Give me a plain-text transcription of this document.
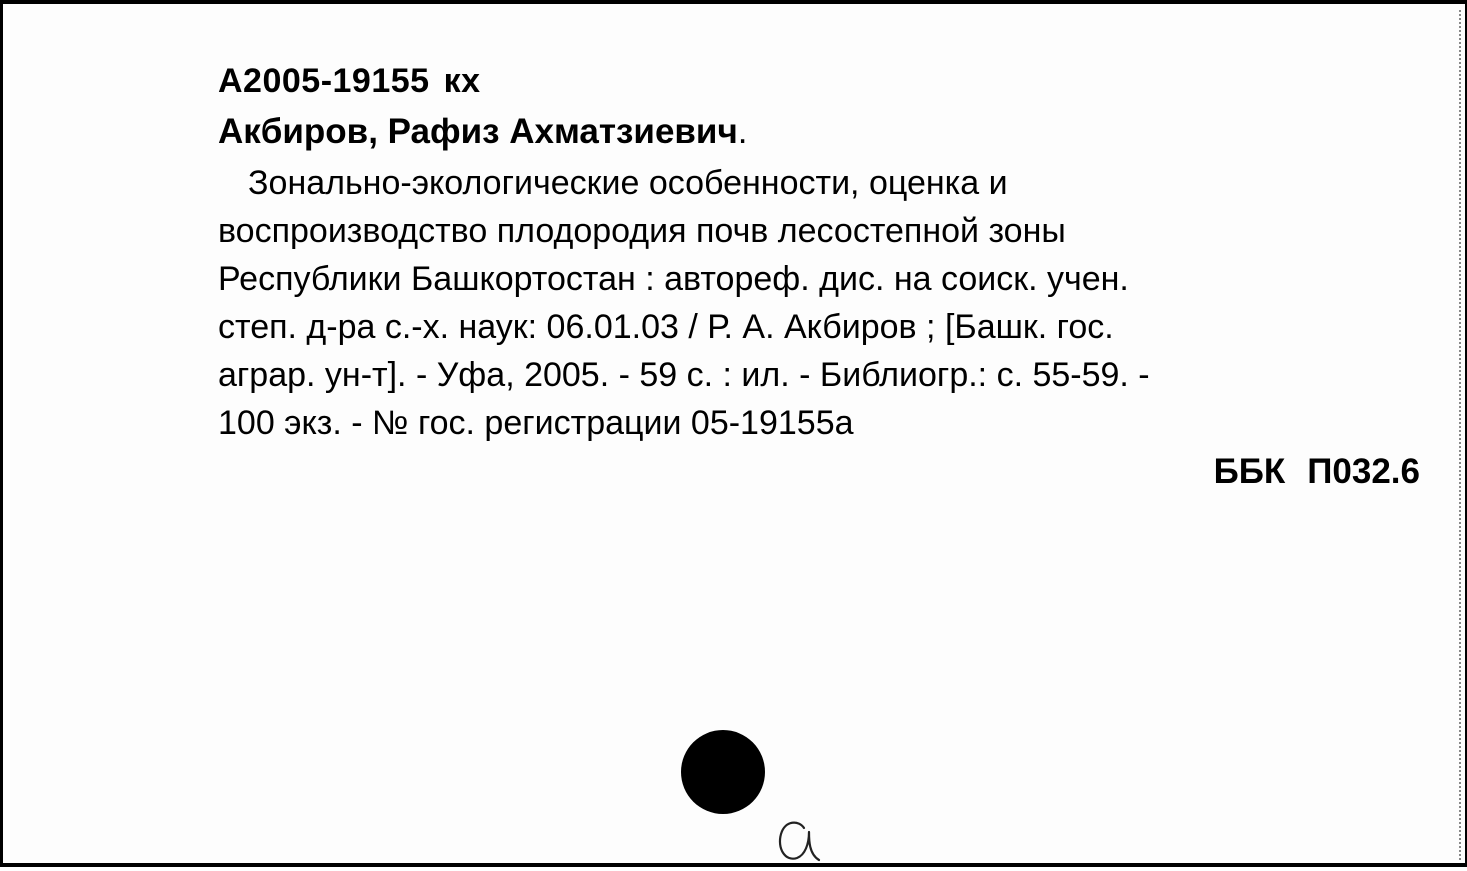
А2005-19155 кх
Акбиров, Рафиз Ахматзиевич.
Зонально-экологические особенности, оценка и
воспроизводство плодородия почв лесостепной зоны
Республики Башкортостан : автореф. дис. на соиск. учен.
степ. д-ра с.-х. наук: 06.01.03 / Р. А. Акбиров ; [Башк. гос.
аграр. ун-т]. - Уфа, 2005. - 59 с. : ил. - Библиогр.: с. 55-59. -
100 экз. - № гос. регистрации 05-19155а
ББК П032.6
